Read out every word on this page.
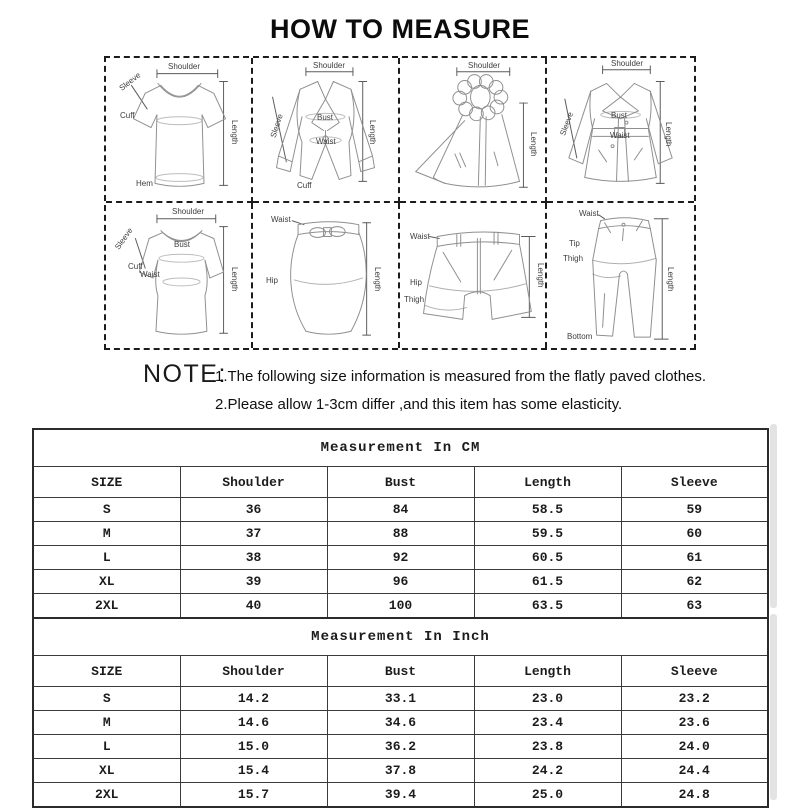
HOW TO MEASURE
Shoulder
Sleeve
Cuff
Hem
Length
Shoulder
Sleeve	Bust
Waist
Cuff
Length
Shoulder
Length
Shoulder
Sleeve	Bust
Waist	Length
Shoulder
Sleeve
Cuff
Bust
Waist	Length
Waist
Hip	Length
Waist
Hip
Thigh
Length
Waist
Tip
Thigh
Bottom
Length
NOTE:
1.The following size information is measured from the flatly paved clothes.
2.Please allow 1-3cm differ ,and this item has some elasticity.
Measurement In CM				
SIZE	Shoulder	Bust	Length	Sleeve
S	36	84	58.5	59
M	37	88	59.5	60
L	38	92	60.5	61
XL	39	96	61.5	62
2XL	40	100	63.5	63
Measurement In Inch				
SIZE	Shoulder	Bust	Length	Sleeve
S	14.2	33.1	23.0	23.2
M	14.6	34.6	23.4	23.6
L	15.0	36.2	23.8	24.0
XL	15.4	37.8	24.2	24.4
2XL	15.7	39.4	25.0	24.8
